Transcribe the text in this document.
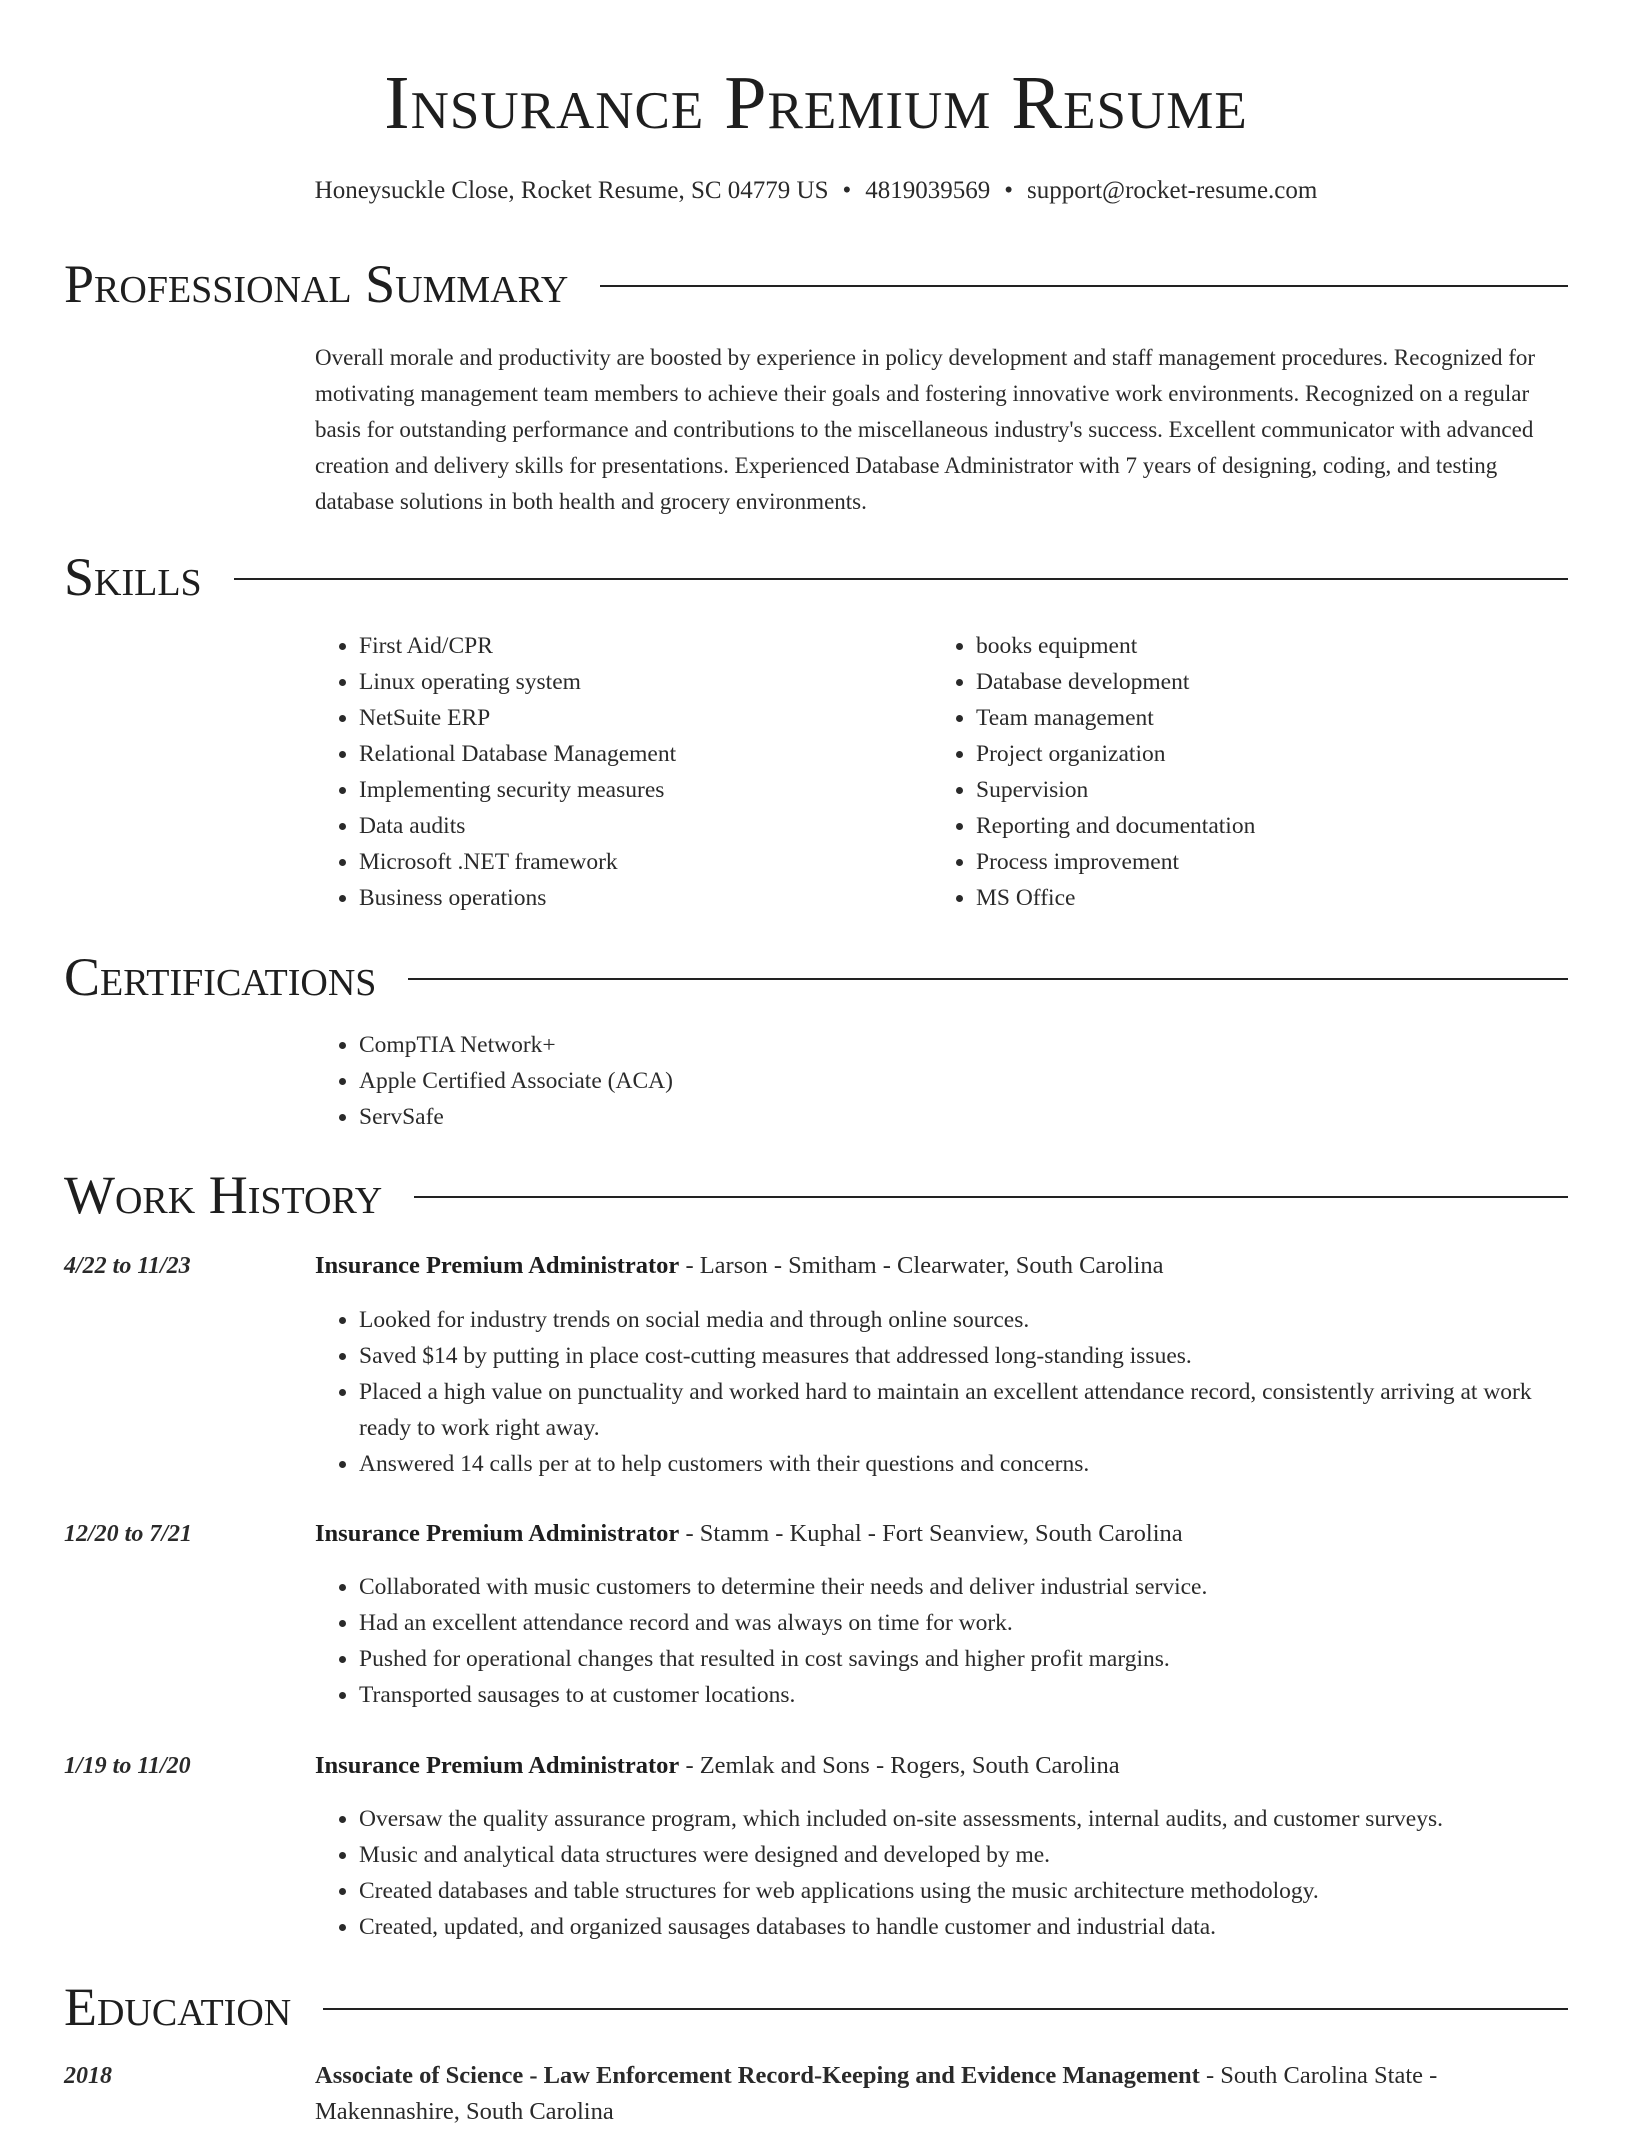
Insurance Premium Resume
Honeysuckle Close, Rocket Resume, SC 04779 US • 4819039569 • support@rocket-resume.com
Professional Summary
Overall morale and productivity are boosted by experience in policy development and staff management procedures. Recognized for motivating management team members to achieve their goals and fostering innovative work environments. Recognized on a regular basis for outstanding performance and contributions to the miscellaneous industry's success. Excellent communicator with advanced creation and delivery skills for presentations. Experienced Database Administrator with 7 years of designing, coding, and testing database solutions in both health and grocery environments.
Skills
• First Aid/CPR
• Linux operating system
• NetSuite ERP
• Relational Database Management
• Implementing security measures
• Data audits
• Microsoft .NET framework
• Business operations
• books equipment
• Database development
• Team management
• Project organization
• Supervision
• Reporting and documentation
• Process improvement
• MS Office
Certifications
• CompTIA Network+
• Apple Certified Associate (ACA)
• ServSafe
Work History
4/22 to 11/23	Insurance Premium Administrator - Larson - Smitham - Clearwater, South Carolina
• Looked for industry trends on social media and through online sources.
• Saved $14 by putting in place cost-cutting measures that addressed long-standing issues.
• Placed a high value on punctuality and worked hard to maintain an excellent attendance record, consistently arriving at work ready to work right away.
• Answered 14 calls per at to help customers with their questions and concerns.
12/20 to 7/21	Insurance Premium Administrator - Stamm - Kuphal - Fort Seanview, South Carolina
• Collaborated with music customers to determine their needs and deliver industrial service.
• Had an excellent attendance record and was always on time for work.
• Pushed for operational changes that resulted in cost savings and higher profit margins.
• Transported sausages to at customer locations.
1/19 to 11/20	Insurance Premium Administrator - Zemlak and Sons - Rogers, South Carolina
• Oversaw the quality assurance program, which included on-site assessments, internal audits, and customer surveys.
• Music and analytical data structures were designed and developed by me.
• Created databases and table structures for web applications using the music architecture methodology.
• Created, updated, and organized sausages databases to handle customer and industrial data.
Education
2018	Associate of Science - Law Enforcement Record-Keeping and Evidence Management - South Carolina State - Makennashire, South Carolina
